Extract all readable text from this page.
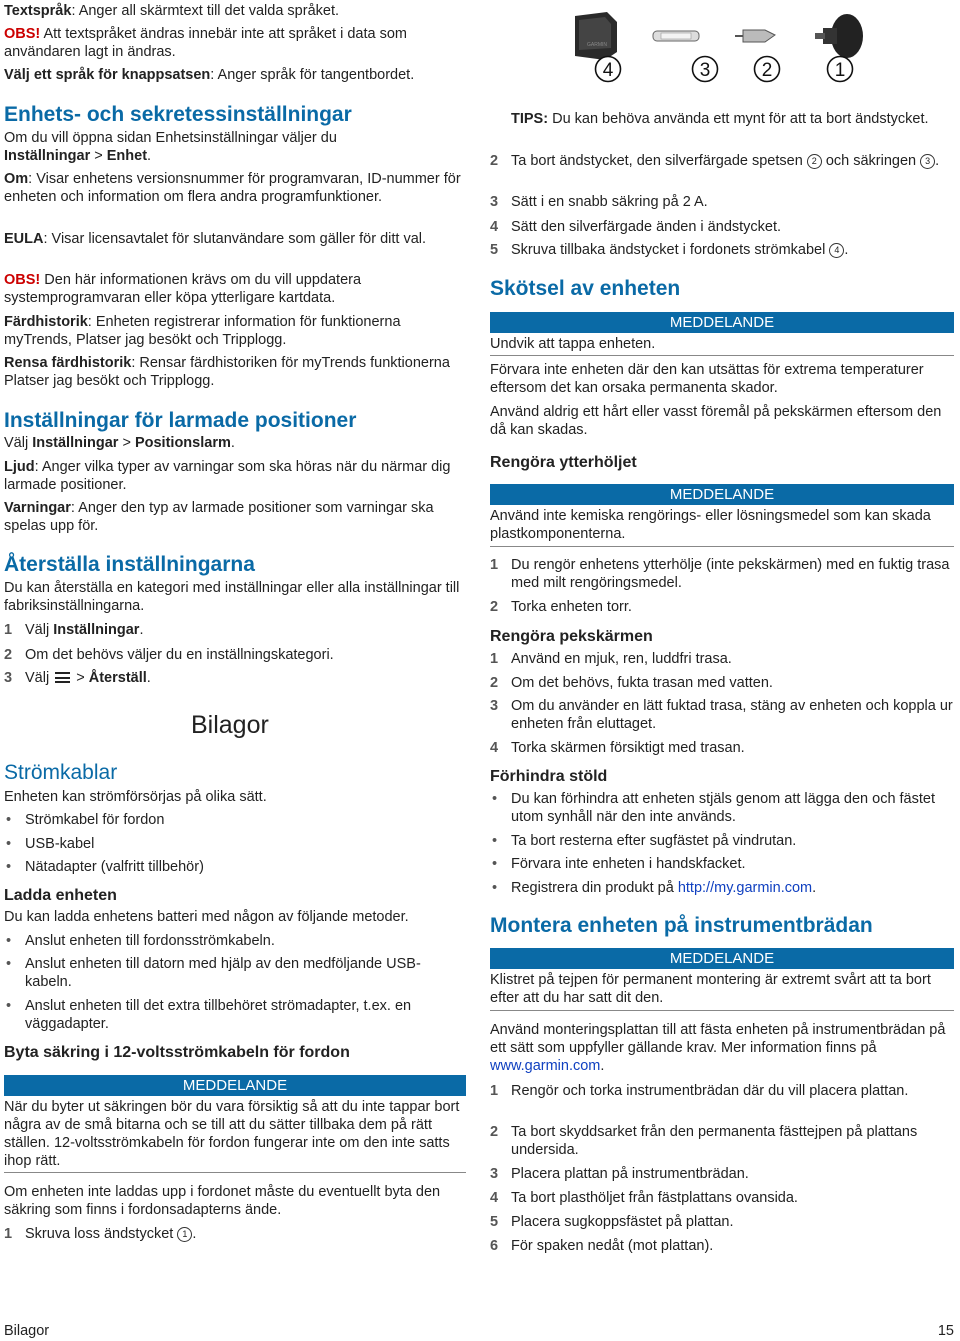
Textspråk: Anger all skärmtext till det valda språket.

OBS! Att textspråket ändras innebär inte att språket i data som användaren lagt in ändras.

Välj ett språk för knappsatsen: Anger språk för tangentbordet.

Enhets- och sekretessinställningar

Om du vill öppna sidan Enhetsinställningar väljer du
Inställningar > Enhet.

Om: Visar enhetens versionsnummer för programvaran, ID-nummer för enheten och information om flera andra programfunktioner.

EULA: Visar licensavtalet för slutanvändare som gäller för ditt val.

OBS! Den här informationen krävs om du vill uppdatera systemprogramvaran eller köpa ytterligare kartdata.

Färdhistorik: Enheten registrerar information för funktionerna myTrends, Platser jag besökt och Tripplogg.

Rensa färdhistorik: Rensar färdhistoriken för myTrends funktionerna Platser jag besökt och Tripplogg.

Inställningar för larmade positioner

Välj Inställningar > Positionslarm.

Ljud: Anger vilka typer av varningar som ska höras när du närmar dig larmade positioner.

Varningar: Anger den typ av larmade positioner som varningar ska spelas upp för.

Återställa inställningarna

Du kan återställa en kategori med inställningar eller alla inställningar till fabriksinställningarna.

1 Välj Inställningar.
2 Om det behövs väljer du en inställningskategori.
3 Välj
> Återställ.

Bilagor

Strömkablar

Enheten kan strömförsörjas på olika sätt.

• Strömkabel för fordon
• USB-kabel
• Nätadapter (valfritt tillbehör)

Ladda enheten

Du kan ladda enhetens batteri med någon av följande metoder.

• Anslut enheten till fordonsströmkabeln.
• Anslut enheten till datorn med hjälp av den medföljande USB-kabeln.
• Anslut enheten till det extra tillbehöret strömadapter, t.ex. en väggadapter.

Byta säkring i 12-voltsströmkabeln för fordon

MEDDELANDE

När du byter ut säkringen bör du vara försiktig så att du inte tappar bort några av de små bitarna och se till att du sätter tillbaka dem på rätt ställen. 12-voltsströmkabeln för fordon fungerar inte om den inte satts ihop rätt.

Om enheten inte laddas upp i fordonet måste du eventuellt byta den säkring som finns i fordonsadapterns ände.

1 Skruva loss ändstycket 1 .
GARMIN
4	3	2	1

TIPS: Du kan behöva använda ett mynt för att ta bort ändstycket.

2 Ta bort ändstycket, den silverfärgade spetsen 2 och säkringen 3 .
3 Sätt i en snabb säkring på 2 A.
4 Sätt den silverfärgade änden i ändstycket.
5 Skruva tillbaka ändstycket i fordonets strömkabel 4 .

Skötsel av enheten

MEDDELANDE

Undvik att tappa enheten.

Förvara inte enheten där den kan utsättas för extrema temperaturer eftersom det kan orsaka permanenta skador.

Använd aldrig ett hårt eller vasst föremål på pekskärmen eftersom den då kan skadas.

Rengöra ytterhöljet

MEDDELANDE

Använd inte kemiska rengörings- eller lösningsmedel som kan skada plastkomponenterna.

1 Du rengör enhetens ytterhölje (inte pekskärmen) med en fuktig trasa med milt rengöringsmedel.
2 Torka enheten torr.

Rengöra pekskärmen

1 Använd en mjuk, ren, luddfri trasa.
2 Om det behövs, fukta trasan med vatten.
3 Om du använder en lätt fuktad trasa, stäng av enheten och koppla ur enheten från eluttaget.
4 Torka skärmen försiktigt med trasan.

Förhindra stöld

• Du kan förhindra att enheten stjäls genom att lägga den och fästet utom synhåll när den inte används.
• Ta bort resterna efter sugfästet på vindrutan.
• Förvara inte enheten i handskfacket.
• Registrera din produkt på http://my.garmin.com.

Montera enheten på instrumentbrädan

MEDDELANDE

Klistret på tejpen för permanent montering är extremt svårt att ta bort efter att du har satt dit den.

Använd monteringsplattan till att fästa enheten på instrumentbrädan på ett sätt som uppfyller gällande krav. Mer information finns på www.garmin.com.

1 Rengör och torka instrumentbrädan där du vill placera plattan.
2 Ta bort skyddsarket från den permanenta fästtejpen på plattans undersida.
3 Placera plattan på instrumentbrädan.
4 Ta bort plasthöljet från fästplattans ovansida.
5 Placera sugkoppsfästet på plattan.
6 För spaken nedåt (mot plattan).
Bilagor	15
